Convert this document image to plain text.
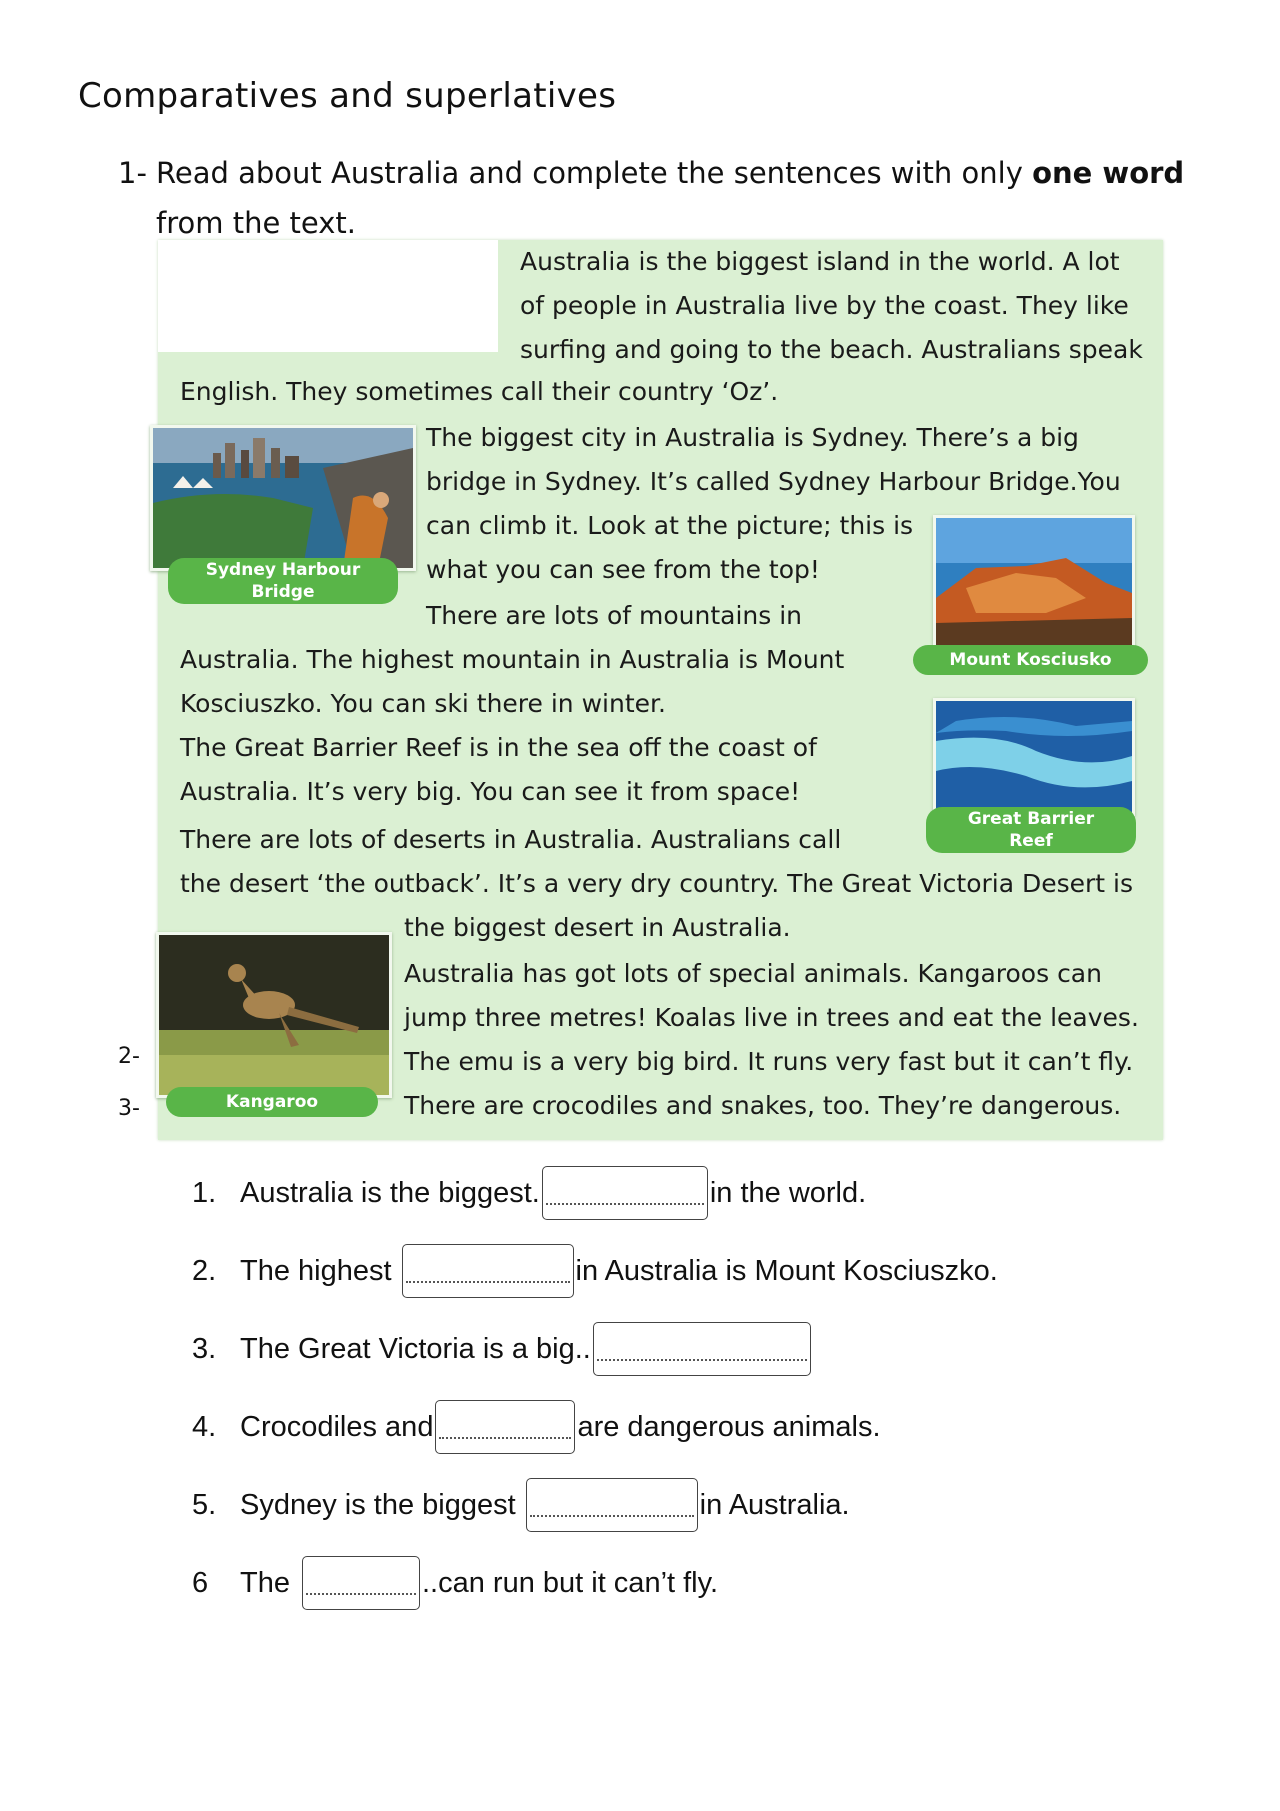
Comparatives and superlatives
1- Read about Australia and complete the sentences with only one word from the text.
Australia is the biggest island in the world. A lot
of people in Australia live by the coast. They like
surfing and going to the beach. Australians speak
English. They sometimes call their country ‘Oz’.
Sydney Harbour
Bridge
The biggest city in Australia is Sydney. There’s a big
bridge in Sydney. It’s called Sydney Harbour Bridge.You
can climb it. Look at the picture; this is
what you can see from the top!
Mount Kosciusko
There are lots of mountains in
Australia. The highest mountain in Australia is Mount
Kosciuszko. You can ski there in winter.
Great Barrier
Reef
The Great Barrier Reef is in the sea off the coast of
Australia. It’s very big. You can see it from space!
There are lots of deserts in Australia. Australians call
the desert ‘the outback’. It’s a very dry country. The Great Victoria Desert is
the biggest desert in Australia.
Kangaroo
Australia has got lots of special animals. Kangaroos can
jump three metres! Koalas live in trees and eat the leaves.
The emu is a very big bird. It runs very fast but it can’t fly.
There are crocodiles and snakes, too. They’re dangerous.
2-
3-
1. Australia is the biggest.	in the world.
2. The highest	in Australia is Mount Kosciuszko.
3. The Great Victoria is a big..
4. Crocodiles and	are dangerous animals.
5. Sydney is the biggest	in Australia.
6	The	..can run but it can’t fly.
